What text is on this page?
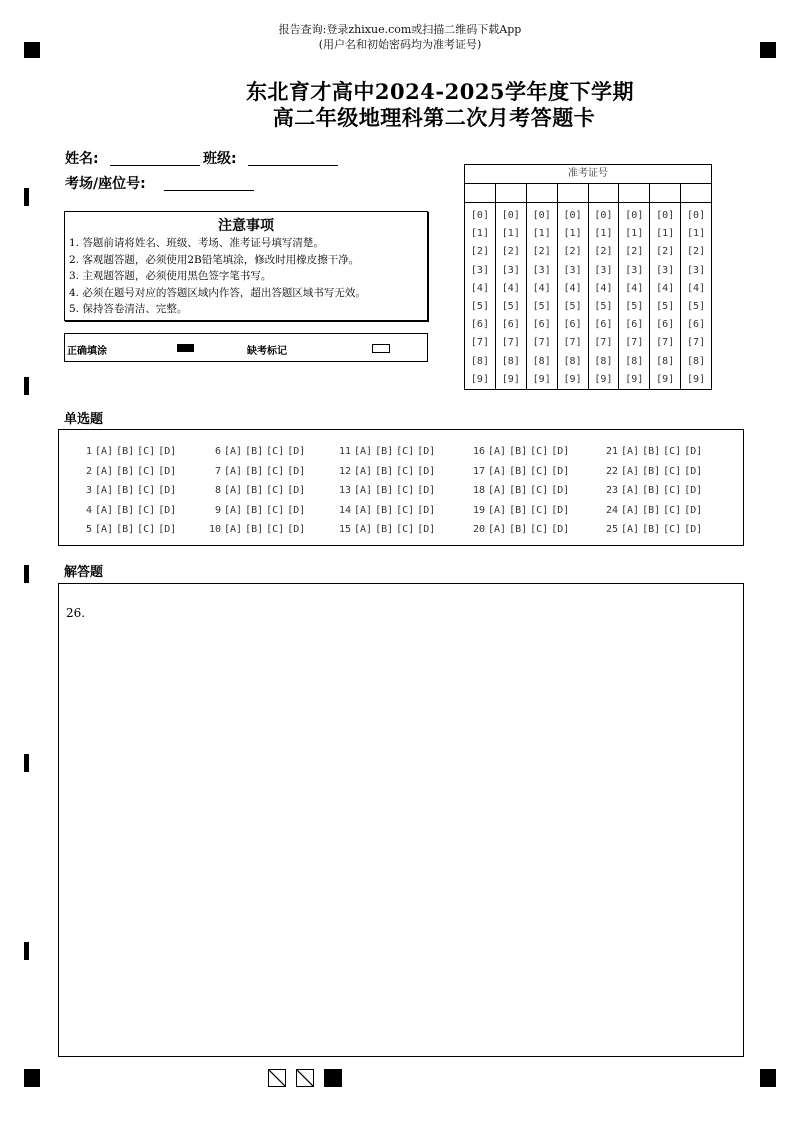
报告查询:登录zhixue.com或扫描二维码下载App
(用户名和初始密码均为准考证号)
东北育才高中2024-2025学年度下学期
高二年级地理科第二次月考答题卡
姓名:	班级:
考场/座位号:
注意事项
1. 答题前请将姓名、班级、考场、准考证号填写清楚。
2. 客观题答题，必须使用2B铅笔填涂，修改时用橡皮擦干净。
3. 主观题答题，必须使用黑色签字笔书写。
4. 必须在题号对应的答题区域内作答，超出答题区域书写无效。
5. 保持答卷清洁、完整。
正确填涂	缺考标记
准考证号
[0]
[1]
[2]
[3]
[4]
[5]
[6]
[7]
[8]
[9]
[0]
[1]
[2]
[3]
[4]
[5]
[6]
[7]
[8]
[9]
[0]
[1]
[2]
[3]
[4]
[5]
[6]
[7]
[8]
[9]
[0]
[1]
[2]
[3]
[4]
[5]
[6]
[7]
[8]
[9]
[0]
[1]
[2]
[3]
[4]
[5]
[6]
[7]
[8]
[9]
[0]
[1]
[2]
[3]
[4]
[5]
[6]
[7]
[8]
[9]
[0]
[1]
[2]
[3]
[4]
[5]
[6]
[7]
[8]
[9]
[0]
[1]
[2]
[3]
[4]
[5]
[6]
[7]
[8]
[9]
单选题
1 [A] [B] [C] [D]
2 [A] [B] [C] [D]
3 [A] [B] [C] [D]
4 [A] [B] [C] [D]
5 [A] [B] [C] [D]
6 [A] [B] [C] [D]
7 [A] [B] [C] [D]
8 [A] [B] [C] [D]
9 [A] [B] [C] [D]
10 [A] [B] [C] [D]
11 [A] [B] [C] [D]
12 [A] [B] [C] [D]
13 [A] [B] [C] [D]
14 [A] [B] [C] [D]
15 [A] [B] [C] [D]
16 [A] [B] [C] [D]
17 [A] [B] [C] [D]
18 [A] [B] [C] [D]
19 [A] [B] [C] [D]
20 [A] [B] [C] [D]
21 [A] [B] [C] [D]
22 [A] [B] [C] [D]
23 [A] [B] [C] [D]
24 [A] [B] [C] [D]
25 [A] [B] [C] [D]
解答题
26.
